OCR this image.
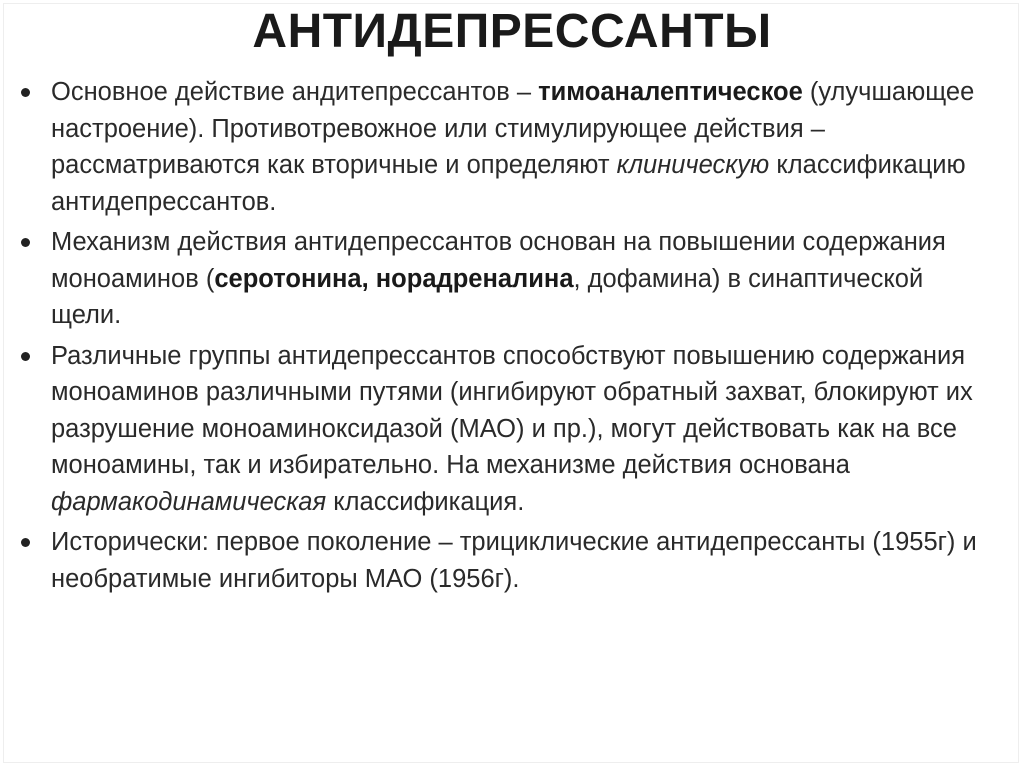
АНТИДЕПРЕССАНТЫ
Основное действие андитепрессантов – тимоаналептическое (улучшающее настроение). Противотревожное или стимулирующее действия – рассматриваются как вторичные и определяют клиническую классификацию антидепрессантов.
Механизм действия антидепрессантов основан на повышении содержания моноаминов (серотонина, норадреналина, дофамина) в синаптической щели.
Различные группы антидепрессантов способствуют повышению содержания моноаминов различными путями (ингибируют обратный захват, блокируют их разрушение моноаминоксидазой (МАО) и пр.), могут действовать как на все моноамины, так и избирательно. На механизме действия основана фармакодинамическая классификация.
Исторически: первое поколение – трициклические антидепрессанты (1955г) и необратимые ингибиторы МАО (1956г).
